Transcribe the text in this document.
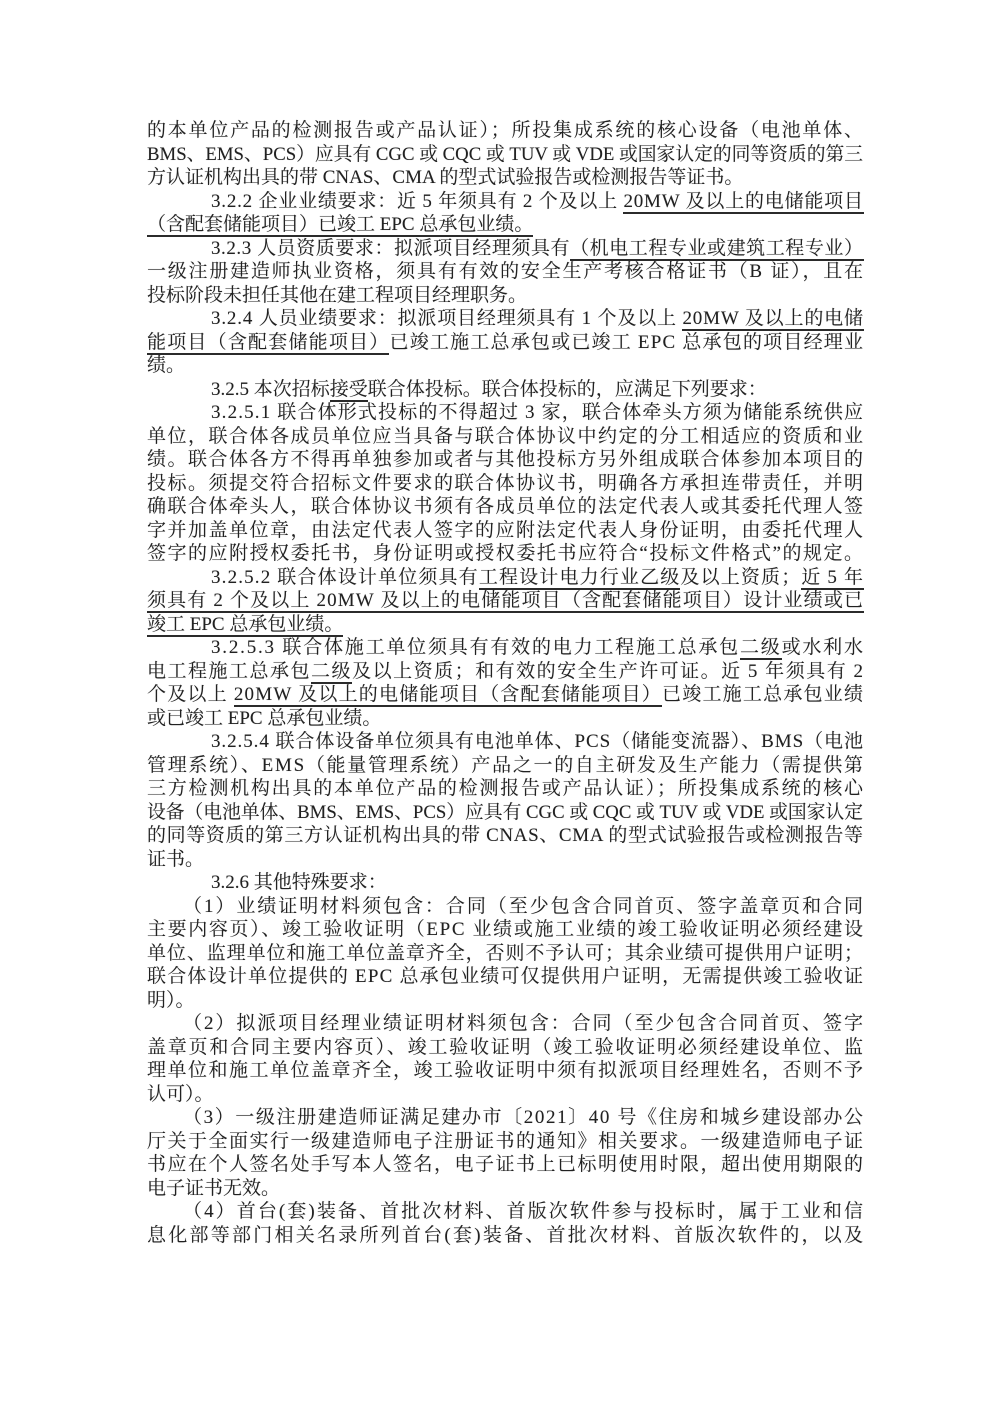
的本单位产品的检测报告或产品认证）；所投集成系统的核心设备（电池单体、
BMS、EMS、PCS）应具有 CGC 或 CQC 或 TUV 或 VDE 或国家认定的同等资质的第三
方认证机构出具的带 CNAS、CMA 的型式试验报告或检测报告等证书。
3.2.2 企业业绩要求：近 5 年须具有 2 个及以上 20MW 及以上的电储能项目
（含配套储能项目）已竣工 EPC 总承包业绩。
3.2.3 人员资质要求：拟派项目经理须具有（机电工程专业或建筑工程专业）
一级注册建造师执业资格，须具有有效的安全生产考核合格证书（B 证），且在
投标阶段未担任其他在建工程项目经理职务。
3.2.4 人员业绩要求：拟派项目经理须具有 1 个及以上 20MW 及以上的电储
能项目（含配套储能项目）已竣工施工总承包或已竣工 EPC 总承包的项目经理业
绩。
3.2.5 本次招标接受联合体投标。联合体投标的，应满足下列要求：
3.2.5.1 联合体形式投标的不得超过 3 家，联合体牵头方须为储能系统供应
单位，联合体各成员单位应当具备与联合体协议中约定的分工相适应的资质和业
绩。联合体各方不得再单独参加或者与其他投标方另外组成联合体参加本项目的
投标。须提交符合招标文件要求的联合体协议书，明确各方承担连带责任，并明
确联合体牵头人，联合体协议书须有各成员单位的法定代表人或其委托代理人签
字并加盖单位章，由法定代表人签字的应附法定代表人身份证明，由委托代理人
签字的应附授权委托书，身份证明或授权委托书应符合“投标文件格式”的规定。
3.2.5.2 联合体设计单位须具有工程设计电力行业乙级及以上资质；近 5 年
须具有 2 个及以上 20MW 及以上的电储能项目（含配套储能项目）设计业绩或已
竣工 EPC 总承包业绩。
3.2.5.3 联合体施工单位须具有有效的电力工程施工总承包二级或水利水
电工程施工总承包二级及以上资质；和有效的安全生产许可证。近 5 年须具有 2
个及以上 20MW 及以上的电储能项目（含配套储能项目）已竣工施工总承包业绩
或已竣工 EPC 总承包业绩。
3.2.5.4 联合体设备单位须具有电池单体、PCS（储能变流器）、BMS（电池
管理系统）、EMS（能量管理系统）产品之一的自主研发及生产能力（需提供第
三方检测机构出具的本单位产品的检测报告或产品认证）；所投集成系统的核心
设备（电池单体、BMS、EMS、PCS）应具有 CGC 或 CQC 或 TUV 或 VDE 或国家认定
的同等资质的第三方认证机构出具的带 CNAS、CMA 的型式试验报告或检测报告等
证书。
3.2.6 其他特殊要求：
（1）业绩证明材料须包含：合同（至少包含合同首页、签字盖章页和合同
主要内容页）、竣工验收证明（EPC 业绩或施工业绩的竣工验收证明必须经建设
单位、监理单位和施工单位盖章齐全，否则不予认可；其余业绩可提供用户证明；
联合体设计单位提供的 EPC 总承包业绩可仅提供用户证明，无需提供竣工验收证
明）。
（2）拟派项目经理业绩证明材料须包含：合同（至少包含合同首页、签字
盖章页和合同主要内容页）、竣工验收证明（竣工验收证明必须经建设单位、监
理单位和施工单位盖章齐全，竣工验收证明中须有拟派项目经理姓名，否则不予
认可）。
（3）一级注册建造师证满足建办市〔2021〕40 号《住房和城乡建设部办公
厅关于全面实行一级建造师电子注册证书的通知》相关要求。一级建造师电子证
书应在个人签名处手写本人签名，电子证书上已标明使用时限，超出使用期限的
电子证书无效。
（4）首台(套)装备、首批次材料、首版次软件参与投标时，属于工业和信
息化部等部门相关名录所列首台(套)装备、首批次材料、首版次软件的，以及
